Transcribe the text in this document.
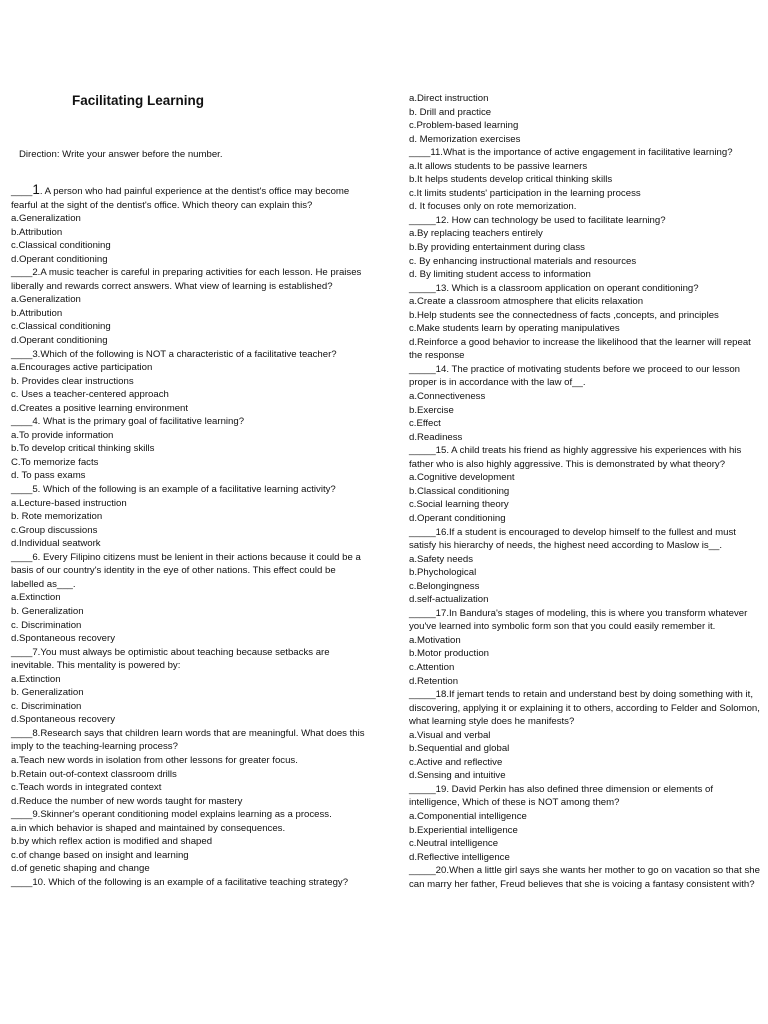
Facilitating Learning
Direction: Write your answer before the number.
____1. A person who had painful experience at the dentist's office may become fearful at the sight of the dentist's office. Which theory can explain this?
a.Generalization
b.Attribution
c.Classical conditioning
d.Operant conditioning
____2.A music teacher is careful in preparing activities for each lesson. He praises liberally and rewards correct answers. What view of learning is established?
a.Generalization
b.Attribution
c.Classical conditioning
d.Operant conditioning
____3.Which of the following is NOT a characteristic of a facilitative teacher?
a.Encourages active participation
b. Provides clear instructions
c. Uses a teacher-centered approach
d.Creates a positive learning environment
____4. What is the primary goal of facilitative learning?
a.To provide information
b.To develop critical thinking skills
C.To memorize facts
d. To pass exams
____5. Which of the following is an example of a facilitative learning activity?
a.Lecture-based instruction
b. Rote memorization
c.Group discussions
d.Individual seatwork
____6. Every Filipino citizens must be lenient in their actions because it could be a basis of our country's identity in the eye of other nations. This effect could be labelled as___.
a.Extinction
b. Generalization
c. Discrimination
d.Spontaneous recovery
____7.You must always be optimistic about teaching because setbacks are inevitable. This mentality is powered by:
a.Extinction
b. Generalization
c. Discrimination
d.Spontaneous recovery
____8.Research says that children learn words that are meaningful. What does this imply to the teaching-learning process?
a.Teach new words in isolation from other lessons for greater focus.
b.Retain out-of-context classroom drills
c.Teach words in integrated context
d.Reduce the number of new words taught for mastery
____9.Skinner's operant conditioning model explains learning as a process.
a.in which behavior is shaped and maintained by consequences.
b.by which reflex action is modified and shaped
c.of change based on insight and learning
d.of genetic shaping and change
____10. Which of the following is an example of a facilitative teaching strategy?
a.Direct instruction
b. Drill and practice
c.Problem-based learning
d. Memorization exercises
____11.What is the importance of active engagement in facilitative learning?
a.It allows students to be passive learners
b.It helps students develop critical thinking skills
c.It limits students' participation in the learning process
d. It focuses only on rote memorization.
_____12. How can technology be used to facilitate learning?
a.By replacing teachers entirely
b.By providing entertainment during class
c. By enhancing instructional materials and resources
d. By limiting student access to information
_____13. Which is a classroom application on operant conditioning?
a.Create a classroom atmosphere that elicits relaxation
b.Help students see the connectedness of facts ,concepts, and principles
c.Make students learn by operating manipulatives
d.Reinforce a good behavior to increase the likelihood that the learner will repeat the response
_____14. The practice of motivating students before we proceed to our lesson proper is in accordance with the law of__.
a.Connectiveness
b.Exercise
c.Effect
d.Readiness
_____15. A child treats his friend as highly aggressive his experiences with his father who is also highly aggressive. This is demonstrated by what theory?
a.Cognitive development
b.Classical conditioning
c.Social learning theory
d.Operant conditioning
_____16.If a student is encouraged to develop himself to the fullest and must satisfy his hierarchy of needs, the highest need according to Maslow is__.
a.Safety needs
b.Phychological
c.Belongingness
d.self-actualization
_____17.In Bandura's stages of modeling, this is where you transform whatever you've learned into symbolic form son that you could easily remember it.
a.Motivation
b.Motor production
c.Attention
d.Retention
_____18.If jemart tends to retain and understand best by doing something with it, discovering, applying it or explaining it to others, according to Felder and Solomon, what learning style does he manifests?
a.Visual and verbal
b.Sequential and global
c.Active and reflective
d.Sensing and intuitive
_____19. David Perkin has also defined three dimension or elements of intelligence, Which of these is NOT among them?
a.Componential intelligence
b.Experiential intelligence
c.Neutral intelligence
d.Reflective intelligence
_____20.When a little girl says she wants her mother to go on vacation so that she can marry her father, Freud believes that she is voicing a fantasy consistent with?
